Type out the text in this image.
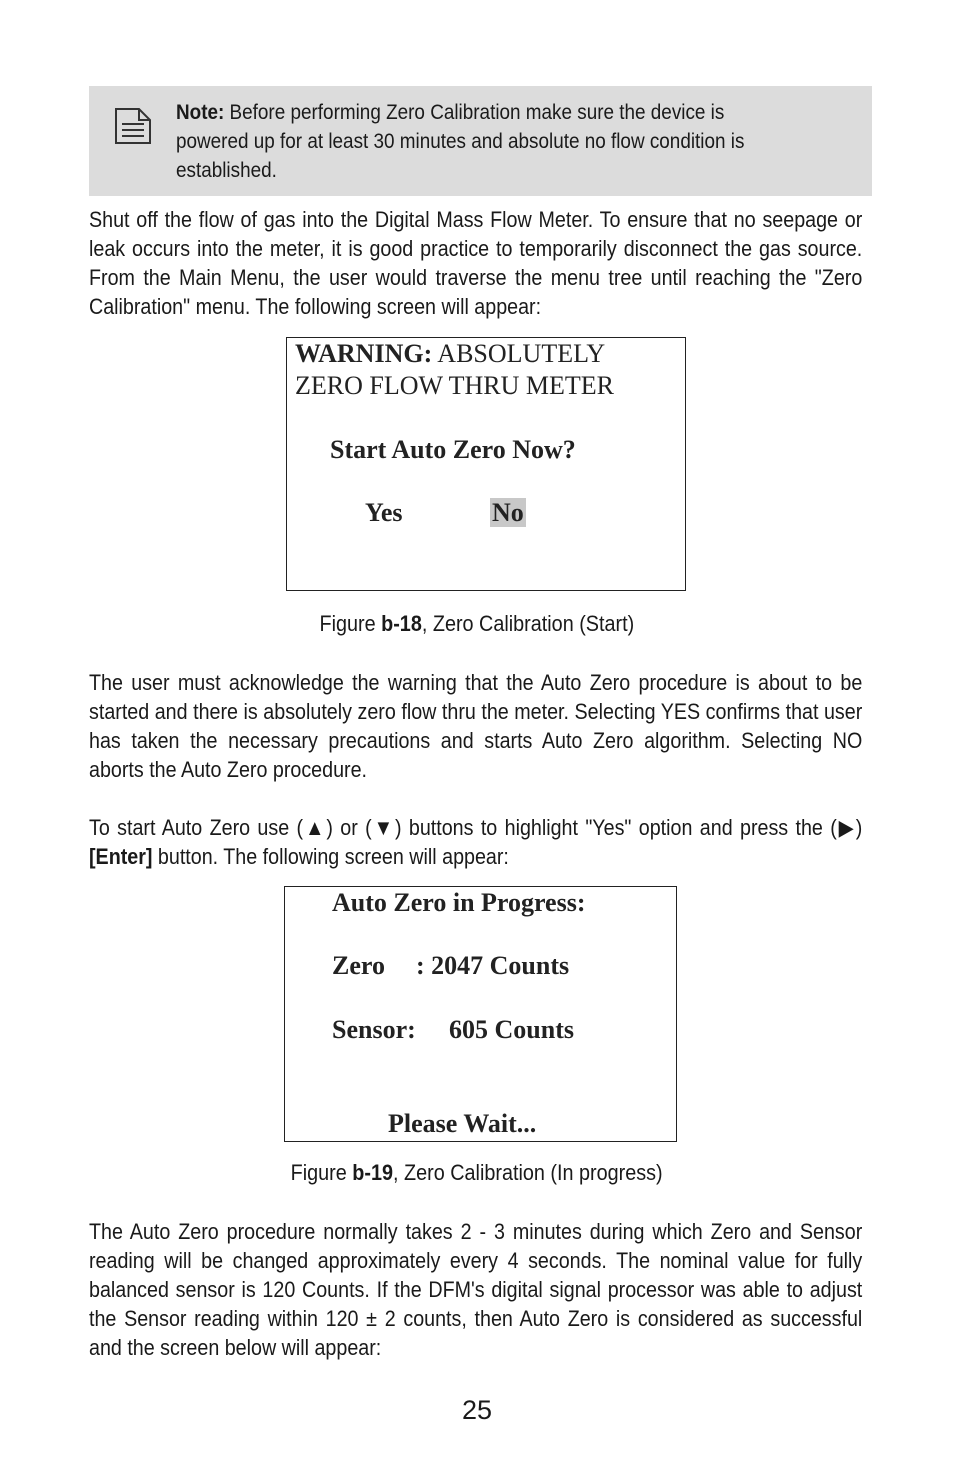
Note: Before performing Zero Calibration make sure the device is powered up for at least 30 minutes and absolute no flow condition is established.

Shut off the flow of gas into the Digital Mass Flow Meter. To ensure that no seepage or leak occurs into the meter, it is good practice to temporarily disconnect the gas source. From the Main Menu, the user would traverse the menu tree until reaching the "Zero Calibration" menu. The following screen will appear:

WARNING: ABSOLUTELY
ZERO FLOW THRU METER
Start Auto Zero Now?
Yes	No
Figure b-18, Zero Calibration (Start)

The user must acknowledge the warning that the Auto Zero procedure is about to be started and there is absolutely zero flow thru the meter. Selecting YES confirms that user has taken the necessary precautions and starts Auto Zero algorithm. Selecting NO aborts the Auto Zero procedure.

To start Auto Zero use (▲) or (▼) buttons to highlight "Yes" option and press the (▶) [Enter] button. The following screen will appear:

Auto Zero in Progress:
Zero : 2047 Counts
Sensor: 605 Counts
Please Wait...
Figure b-19, Zero Calibration (In progress)

The Auto Zero procedure normally takes 2 - 3 minutes during which Zero and Sensor reading will be changed approximately every 4 seconds. The nominal value for fully balanced sensor is 120 Counts. If the DFM's digital signal processor was able to adjust the Sensor reading within 120 ± 2 counts, then Auto Zero is considered as successful and the screen below will appear:

25
